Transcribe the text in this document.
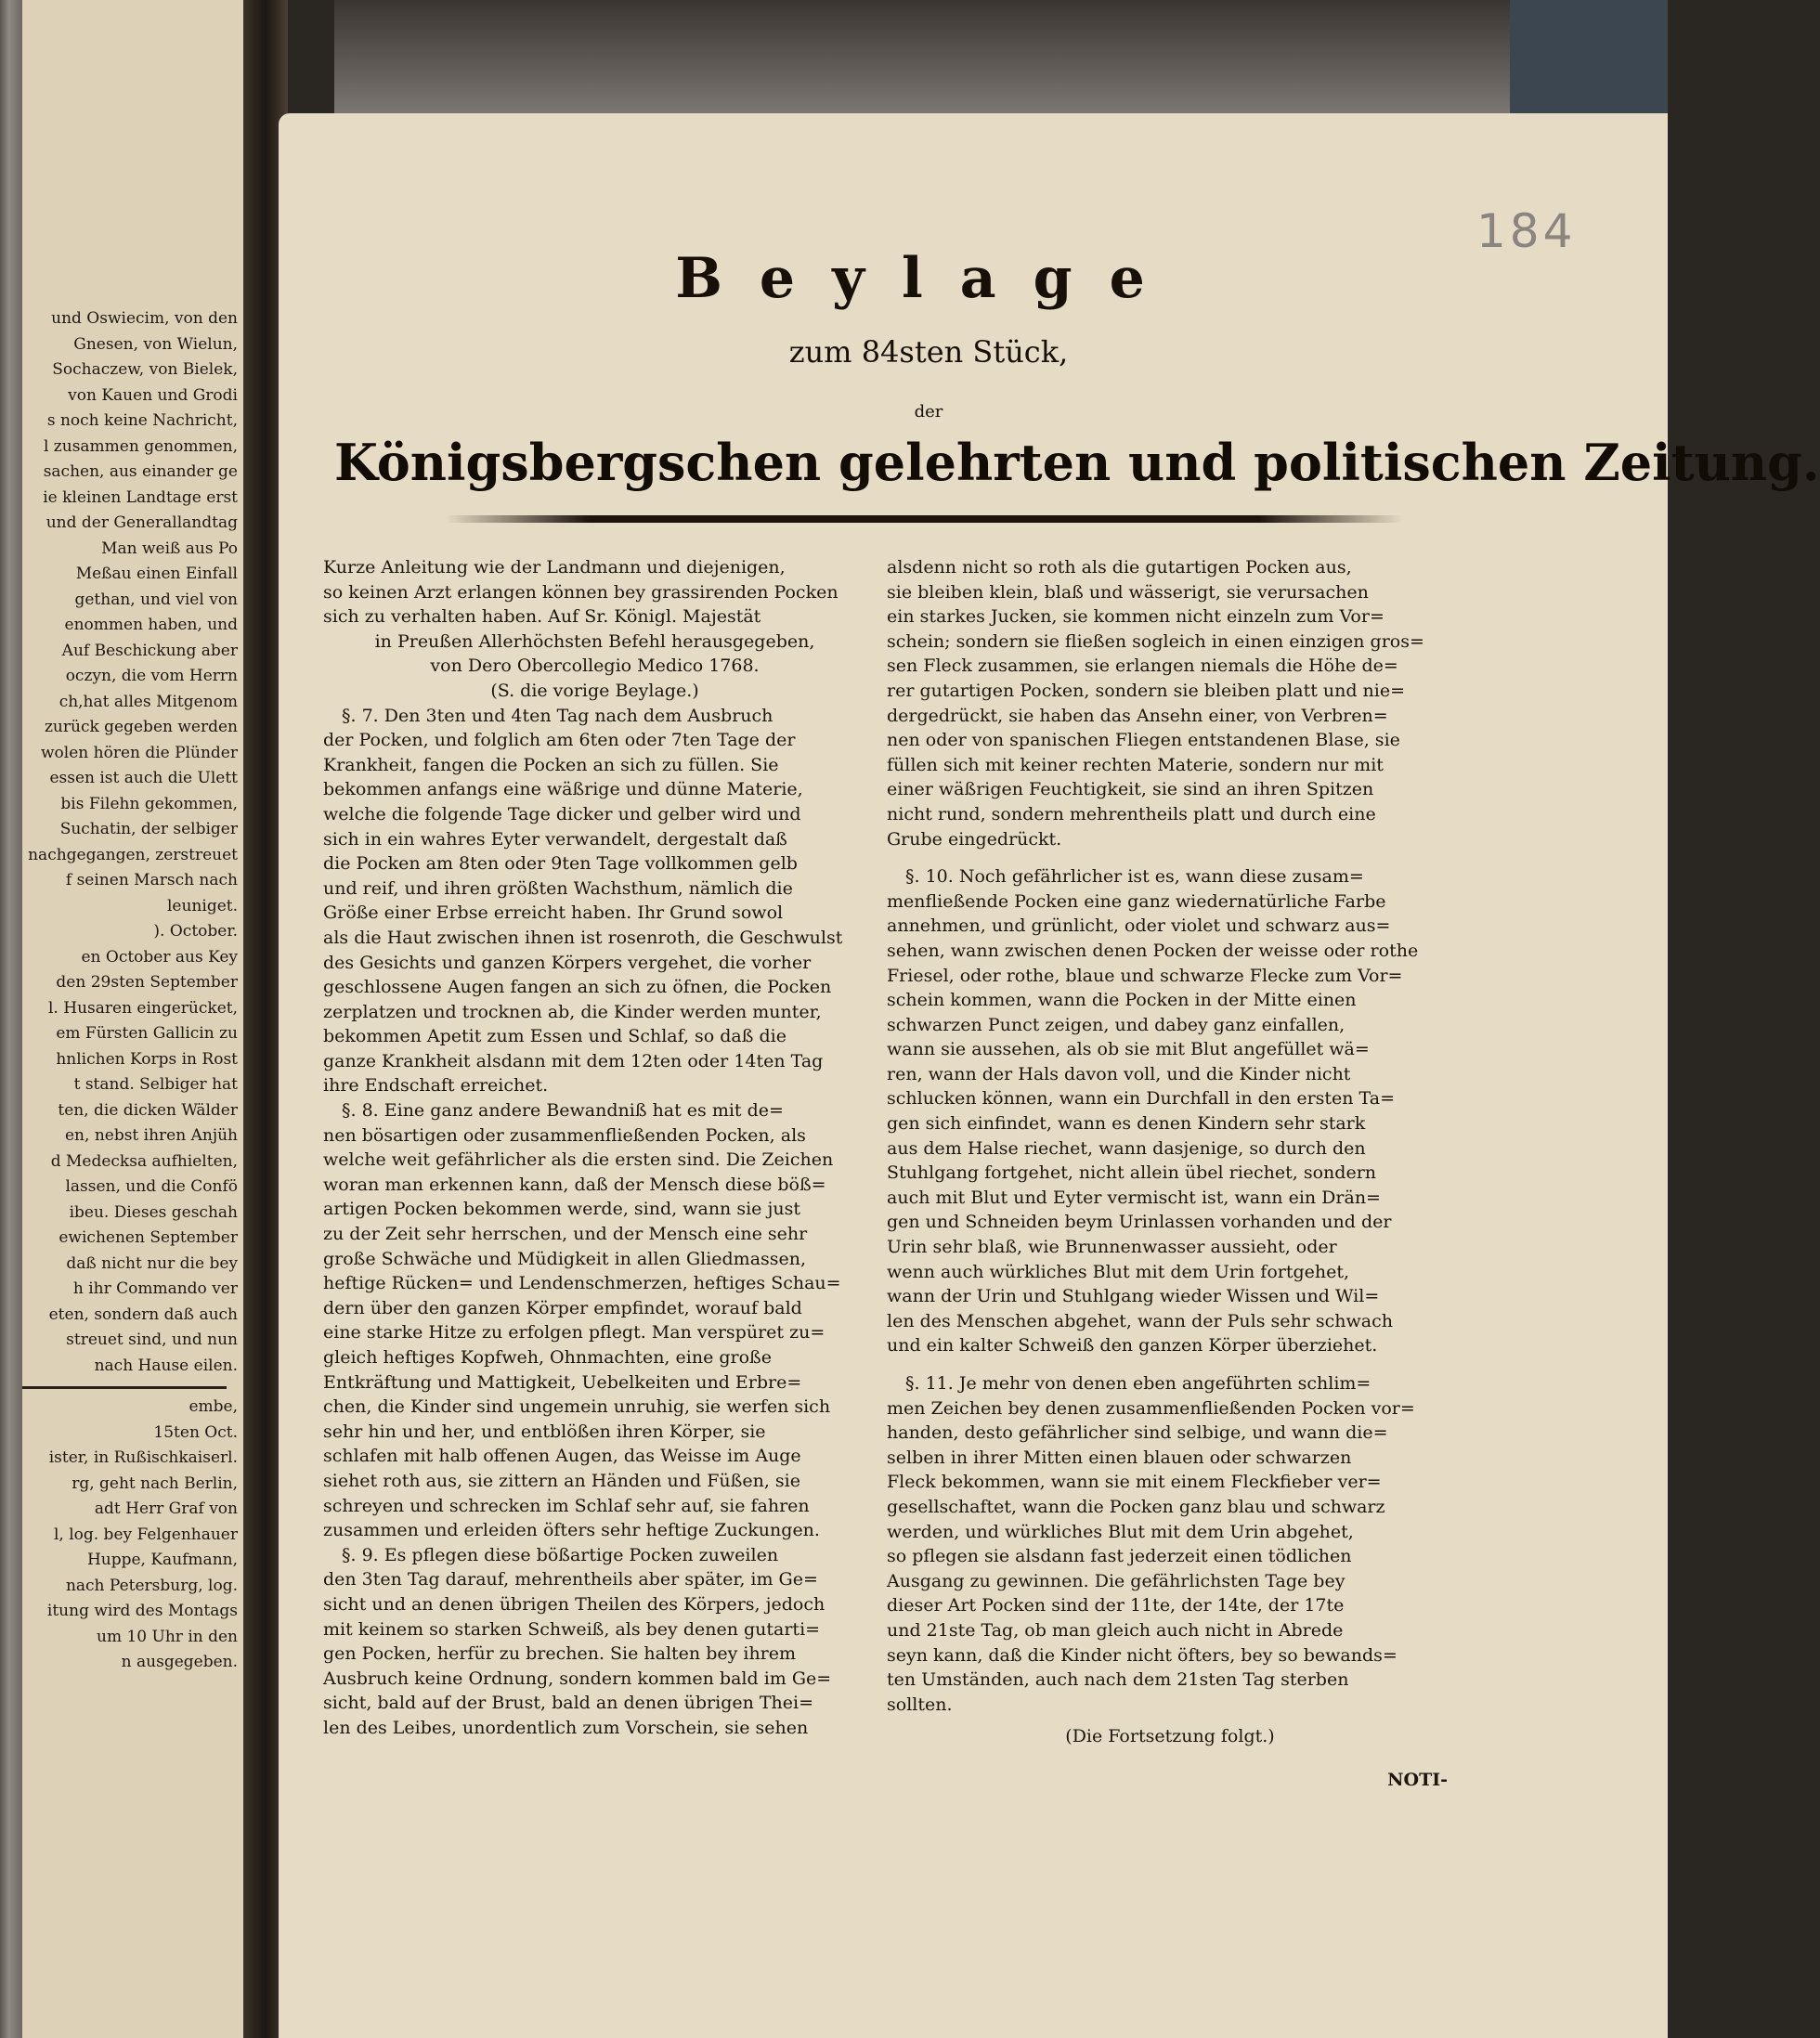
und Oswiecim, von den
Gnesen, von Wielun,
Sochaczew, von Bielek,
von Kauen und Grodi
s noch keine Nachricht,
l zusammen genommen,
sachen, aus einander ge
ie kleinen Landtage erst
und der Generallandtag
Man weiß aus Po
Meßau einen Einfall
gethan, und viel von
enommen haben, und
Auf Beschickung aber
oczyn, die vom Herrn
ch,hat alles Mitgenom
zurück gegeben werden
wolen hören die Plünder
essen ist auch die Ulett
bis Filehn gekommen,
Suchatin, der selbiger
nachgegangen, zerstreuet
f seinen Marsch nach
leuniget.
). October.
en October aus Key
den 29sten September
l. Husaren eingerücket,
em Fürsten Gallicin zu
hnlichen Korps in Rost
t stand. Selbiger hat
ten, die dicken Wälder
en, nebst ihren Anjüh
d Medecksa aufhielten,
lassen, und die Confö
ibeu. Dieses geschah
ewichenen September
daß nicht nur die bey
h ihr Commando ver
eten, sondern daß auch
streuet sind, und nun
nach Hause eilen.
embe,
15ten Oct.
ister, in Rußischkaiserl.
rg, geht nach Berlin,
adt Herr Graf von
l, log. bey Felgenhauer
Huppe, Kaufmann,
nach Petersburg, log.
itung wird des Montags
um 10 Uhr in den
n ausgegeben.
184
Beylage
zum 84sten Stück,
der
Königsbergschen gelehrten und politischen Zeitung.
Kurze Anleitung wie der Landmann und diejenigen,
so keinen Arzt erlangen können bey grassirenden Pocken
sich zu verhalten haben. Auf Sr. Königl. Majestät
in Preußen Allerhöchsten Befehl herausgegeben,
von Dero Obercollegio Medico 1768.
(S. die vorige Beylage.)
§. 7. Den 3ten und 4ten Tag nach dem Ausbruch
der Pocken, und folglich am 6ten oder 7ten Tage der
Krankheit, fangen die Pocken an sich zu füllen. Sie
bekommen anfangs eine wäßrige und dünne Materie,
welche die folgende Tage dicker und gelber wird und
sich in ein wahres Eyter verwandelt, dergestalt daß
die Pocken am 8ten oder 9ten Tage vollkommen gelb
und reif, und ihren größten Wachsthum, nämlich die
Größe einer Erbse erreicht haben. Ihr Grund sowol
als die Haut zwischen ihnen ist rosenroth, die Geschwulst
des Gesichts und ganzen Körpers vergehet, die vorher
geschlossene Augen fangen an sich zu öfnen, die Pocken
zerplatzen und trocknen ab, die Kinder werden munter,
bekommen Apetit zum Essen und Schlaf, so daß die
ganze Krankheit alsdann mit dem 12ten oder 14ten Tag
ihre Endschaft erreichet.
§. 8. Eine ganz andere Bewandniß hat es mit de=
nen bösartigen oder zusammenfließenden Pocken, als
welche weit gefährlicher als die ersten sind. Die Zeichen
woran man erkennen kann, daß der Mensch diese böß=
artigen Pocken bekommen werde, sind, wann sie just
zu der Zeit sehr herrschen, und der Mensch eine sehr
große Schwäche und Müdigkeit in allen Gliedmassen,
heftige Rücken= und Lendenschmerzen, heftiges Schau=
dern über den ganzen Körper empfindet, worauf bald
eine starke Hitze zu erfolgen pflegt. Man verspüret zu=
gleich heftiges Kopfweh, Ohnmachten, eine große
Entkräftung und Mattigkeit, Uebelkeiten und Erbre=
chen, die Kinder sind ungemein unruhig, sie werfen sich
sehr hin und her, und entblößen ihren Körper, sie
schlafen mit halb offenen Augen, das Weisse im Auge
siehet roth aus, sie zittern an Händen und Füßen, sie
schreyen und schrecken im Schlaf sehr auf, sie fahren
zusammen und erleiden öfters sehr heftige Zuckungen.
§. 9. Es pflegen diese bößartige Pocken zuweilen
den 3ten Tag darauf, mehrentheils aber später, im Ge=
sicht und an denen übrigen Theilen des Körpers, jedoch
mit keinem so starken Schweiß, als bey denen gutarti=
gen Pocken, herfür zu brechen. Sie halten bey ihrem
Ausbruch keine Ordnung, sondern kommen bald im Ge=
sicht, bald auf der Brust, bald an denen übrigen Thei=
len des Leibes, unordentlich zum Vorschein, sie sehen
alsdenn nicht so roth als die gutartigen Pocken aus,
sie bleiben klein, blaß und wässerigt, sie verursachen
ein starkes Jucken, sie kommen nicht einzeln zum Vor=
schein; sondern sie fließen sogleich in einen einzigen gros=
sen Fleck zusammen, sie erlangen niemals die Höhe de=
rer gutartigen Pocken, sondern sie bleiben platt und nie=
dergedrückt, sie haben das Ansehn einer, von Verbren=
nen oder von spanischen Fliegen entstandenen Blase, sie
füllen sich mit keiner rechten Materie, sondern nur mit
einer wäßrigen Feuchtigkeit, sie sind an ihren Spitzen
nicht rund, sondern mehrentheils platt und durch eine
Grube eingedrückt.
§. 10. Noch gefährlicher ist es, wann diese zusam=
menfließende Pocken eine ganz wiedernatürliche Farbe
annehmen, und grünlicht, oder violet und schwarz aus=
sehen, wann zwischen denen Pocken der weisse oder rothe
Friesel, oder rothe, blaue und schwarze Flecke zum Vor=
schein kommen, wann die Pocken in der Mitte einen
schwarzen Punct zeigen, und dabey ganz einfallen,
wann sie aussehen, als ob sie mit Blut angefüllet wä=
ren, wann der Hals davon voll, und die Kinder nicht
schlucken können, wann ein Durchfall in den ersten Ta=
gen sich einfindet, wann es denen Kindern sehr stark
aus dem Halse riechet, wann dasjenige, so durch den
Stuhlgang fortgehet, nicht allein übel riechet, sondern
auch mit Blut und Eyter vermischt ist, wann ein Drän=
gen und Schneiden beym Urinlassen vorhanden und der
Urin sehr blaß, wie Brunnenwasser aussieht, oder
wenn auch würkliches Blut mit dem Urin fortgehet,
wann der Urin und Stuhlgang wieder Wissen und Wil=
len des Menschen abgehet, wann der Puls sehr schwach
und ein kalter Schweiß den ganzen Körper überziehet.
§. 11. Je mehr von denen eben angeführten schlim=
men Zeichen bey denen zusammenfließenden Pocken vor=
handen, desto gefährlicher sind selbige, und wann die=
selben in ihrer Mitten einen blauen oder schwarzen
Fleck bekommen, wann sie mit einem Fleckfieber ver=
gesellschaftet, wann die Pocken ganz blau und schwarz
werden, und würkliches Blut mit dem Urin abgehet,
so pflegen sie alsdann fast jederzeit einen tödlichen
Ausgang zu gewinnen. Die gefährlichsten Tage bey
dieser Art Pocken sind der 11te, der 14te, der 17te
und 21ste Tag, ob man gleich auch nicht in Abrede
seyn kann, daß die Kinder nicht öfters, bey so bewands=
ten Umständen, auch nach dem 21sten Tag sterben
sollten.
(Die Fortsetzung folgt.)
NOTI-
